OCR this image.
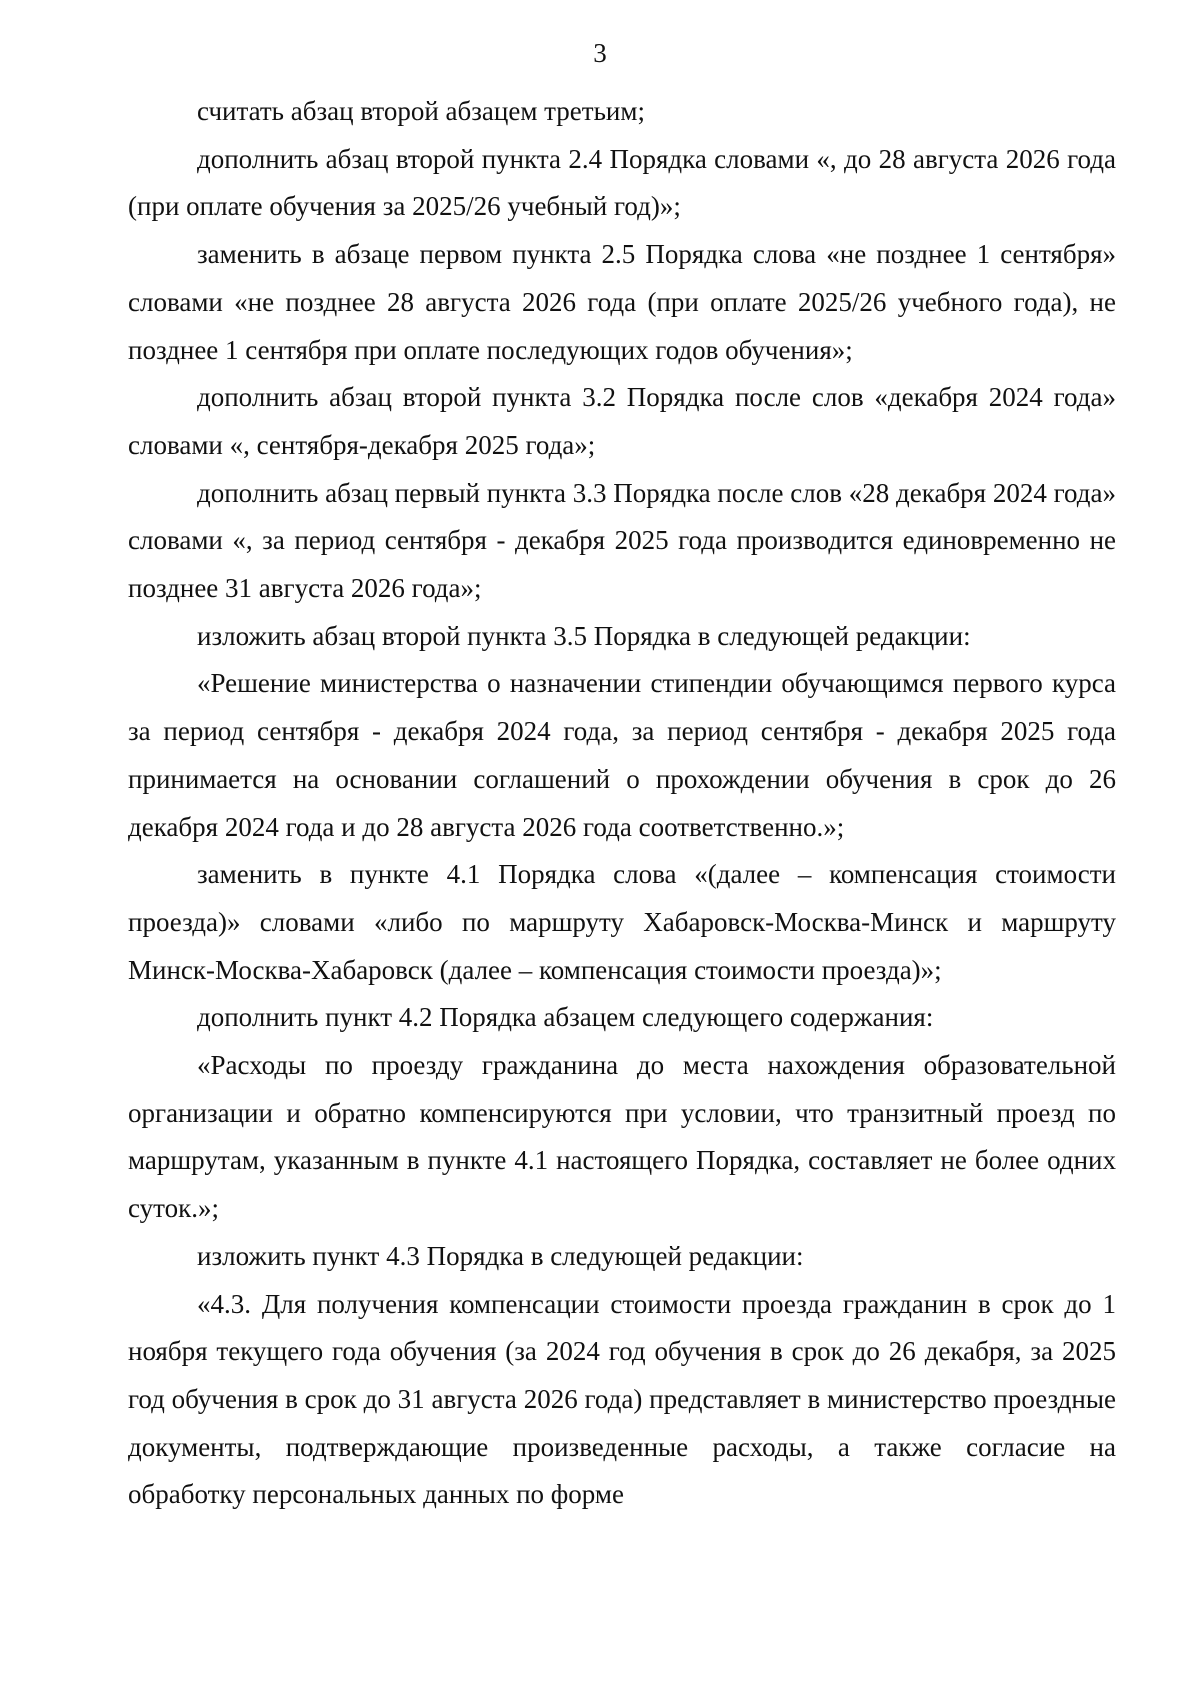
3

считать абзац второй абзацем третьим;

дополнить абзац второй пункта 2.4 Порядка словами «, до 28 августа 2026 года (при оплате обучения за 2025/26 учебный год)»;

заменить в абзаце первом пункта 2.5 Порядка слова «не позднее 1 сентября» словами «не позднее 28 августа 2026 года (при оплате 2025/26 учебного года), не позднее 1 сентября при оплате последующих годов обучения»;

дополнить абзац второй пункта 3.2 Порядка после слов «декабря 2024 года» словами «, сентября-декабря 2025 года»;

дополнить абзац первый пункта 3.3 Порядка после слов «28 декабря 2024 года» словами «, за период сентября - декабря 2025 года производится единовременно не позднее 31 августа 2026 года»;

изложить абзац второй пункта 3.5 Порядка в следующей редакции:

«Решение министерства о назначении стипендии обучающимся первого курса за период сентября - декабря 2024 года, за период сентября - декабря 2025 года принимается на основании соглашений о прохождении обучения в срок до 26 декабря 2024 года и до 28 августа 2026 года соответственно.»;

заменить в пункте 4.1 Порядка слова «(далее – компенсация стоимости проезда)» словами «либо по маршруту Хабаровск-Москва-Минск и маршруту Минск-Москва-Хабаровск (далее – компенсация стоимости проезда)»;

дополнить пункт 4.2 Порядка абзацем следующего содержания:

«Расходы по проезду гражданина до места нахождения образовательной организации и обратно компенсируются при условии, что транзитный проезд по маршрутам, указанным в пункте 4.1 настоящего Порядка, составляет не более одних суток.»;

изложить пункт 4.3 Порядка в следующей редакции:

«4.3. Для получения компенсации стоимости проезда гражданин в срок до 1 ноября текущего года обучения (за 2024 год обучения в срок до 26 декабря, за 2025 год обучения в срок до 31 августа 2026 года) представляет в министерство проездные документы, подтверждающие произведенные расходы, а также согласие на обработку персональных данных по форме
